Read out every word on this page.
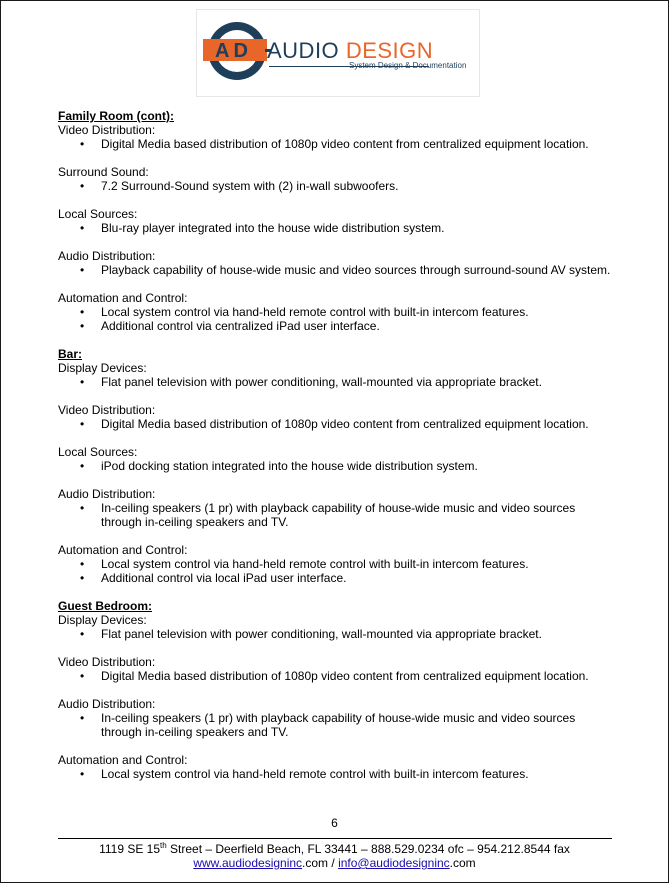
AD AUDIO DESIGN
System Design & Documentation
Family Room (cont):
Video Distribution:
• Digital Media based distribution of 1080p video content from centralized equipment location.
Surround Sound:
• 7.2 Surround-Sound system with (2) in-wall subwoofers.
Local Sources:
• Blu-ray player integrated into the house wide distribution system.
Audio Distribution:
• Playback capability of house-wide music and video sources through surround-sound AV system.
Automation and Control:
• Local system control via hand-held remote control with built-in intercom features.
• Additional control via centralized iPad user interface.
Bar:
Display Devices:
• Flat panel television with power conditioning, wall-mounted via appropriate bracket.
Video Distribution:
• Digital Media based distribution of 1080p video content from centralized equipment location.
Local Sources:
• iPod docking station integrated into the house wide distribution system.
Audio Distribution:
• In-ceiling speakers (1 pr) with playback capability of house-wide music and video sources through in-ceiling speakers and TV.
Automation and Control:
• Local system control via hand-held remote control with built-in intercom features.
• Additional control via local iPad user interface.
Guest Bedroom:
Display Devices:
• Flat panel television with power conditioning, wall-mounted via appropriate bracket.
Video Distribution:
• Digital Media based distribution of 1080p video content from centralized equipment location.
Audio Distribution:
• In-ceiling speakers (1 pr) with playback capability of house-wide music and video sources through in-ceiling speakers and TV.
Automation and Control:
• Local system control via hand-held remote control with built-in intercom features.
6
1119 SE 15th Street – Deerfield Beach, FL 33441 – 888.529.0234 ofc – 954.212.8544 fax
www.audiodesigninc.com / info@audiodesigninc.com
